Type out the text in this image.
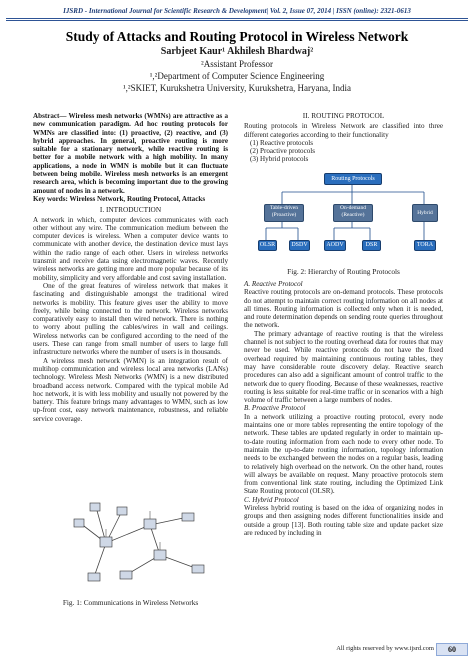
IJSRD - International Journal for Scientific Research & Development| Vol. 2, Issue 07, 2014 | ISSN (online): 2321-0613
Study of Attacks and Routing Protocol in Wireless Network
Sarbjeet Kaur¹ Akhilesh Bhardwaj²
²Assistant Professor
¹,²Department of Computer Science Engineering
¹,²SKIET, Kurukshetra University, Kurukshetra, Haryana, India

Abstract— Wireless mesh networks (WMNs) are attractive as a new communication paradigm. Ad hoc routing protocols for WMNs are classified into: (1) proactive, (2) reactive, and (3) hybrid approaches. In general, proactive routing is more suitable for a stationary network, while reactive routing is better for a mobile network with a high mobility. In many applications, a node in WMN is mobile but it can fluctuate between being mobile. Wireless mesh networks is an emergent research area, which is becoming important due to the growing amount of nodes in a network.

Key words: Wireless Network, Routing Protocol, Attacks

I. INTRODUCTION

A network in which, computer devices communicates with each other without any wire. The communication medium between the computer devices is wireless. When a computer device wants to communicate with another device, the destination device must lays within the radio range of each other. Users in wireless networks transmit and receive data using electromagnetic waves. Recently wireless networks are getting more and more popular because of its mobility, simplicity and very affordable and cost saving installation.

One of the great features of wireless network that makes it fascinating and distinguishable amongst the traditional wired networks is mobility. This feature gives user the ability to move freely, while being connected to the network. Wireless networks comparatively easy to install then wired network. There is nothing to worry about pulling the cables/wires in wall and ceilings. Wireless networks can be configured according to the need of the users. These can range from small number of users to large full infrastructure networks where the number of users is in thousands.

A wireless mesh network (WMN) is an integration result of multihop communication and wireless local area networks (LANs) technology. Wireless Mesh Networks (WMN) is a new distributed broadband access network. Compared with the typical mobile Ad hoc network, it is with less mobility and usually not powered by the battery. This feature brings many advantages to WMN, such as low up-front cost, easy network maintenance, robustness, and reliable service coverage.

Fig. 1: Communications in Wireless Networks

II. ROUTING PROTOCOL

Routing protocols in Wireless Network are classified into three different categories according to their functionality

(1) Reactive protocols

(2) Proactive protocols

(3) Hybrid protocols

Routing Protocols
Table-driven (Proactive)
On-demand (Reactive)	Hybrid
OLSR	DSDV	AODV	DSR	TORA
Fig. 2: Hierarchy of Routing Protocols

A. Reactive Protocol

Reactive routing protocols are on-demand protocols. These protocols do not attempt to maintain correct routing information on all nodes at all times. Routing information is collected only when it is needed, and route determination depends on sending route queries throughout the network.

The primary advantage of reactive routing is that the wireless channel is not subject to the routing overhead data for routes that may never be used. While reactive protocols do not have the fixed overhead required by maintaining continuous routing tables, they may have considerable route discovery delay. Reactive search procedures can also add a significant amount of control traffic to the network due to query flooding. Because of these weaknesses, reactive routing is less suitable for real-time traffic or in scenarios with a high volume of traffic between a large numbers of nodes.

B. Proactive Protocol

In a network utilizing a proactive routing protocol, every node maintains one or more tables representing the entire topology of the network. These tables are updated regularly in order to maintain up-to-date routing information from each node to every other node. To maintain the up-to-date routing information, topology information needs to be exchanged between the nodes on a regular basis, leading to relatively high overhead on the network. On the other hand, routes will always be available on request. Many proactive protocols stem from conventional link state routing, including the Optimized Link State Routing protocol (OLSR).

C. Hybrid Protocol

Wireless hybrid routing is based on the idea of organizing nodes in groups and then assigning nodes different functionalities inside and outside a group [13]. Both routing table size and update packet size are reduced by including in

All rights reserved by www.ijsrd.com	60
